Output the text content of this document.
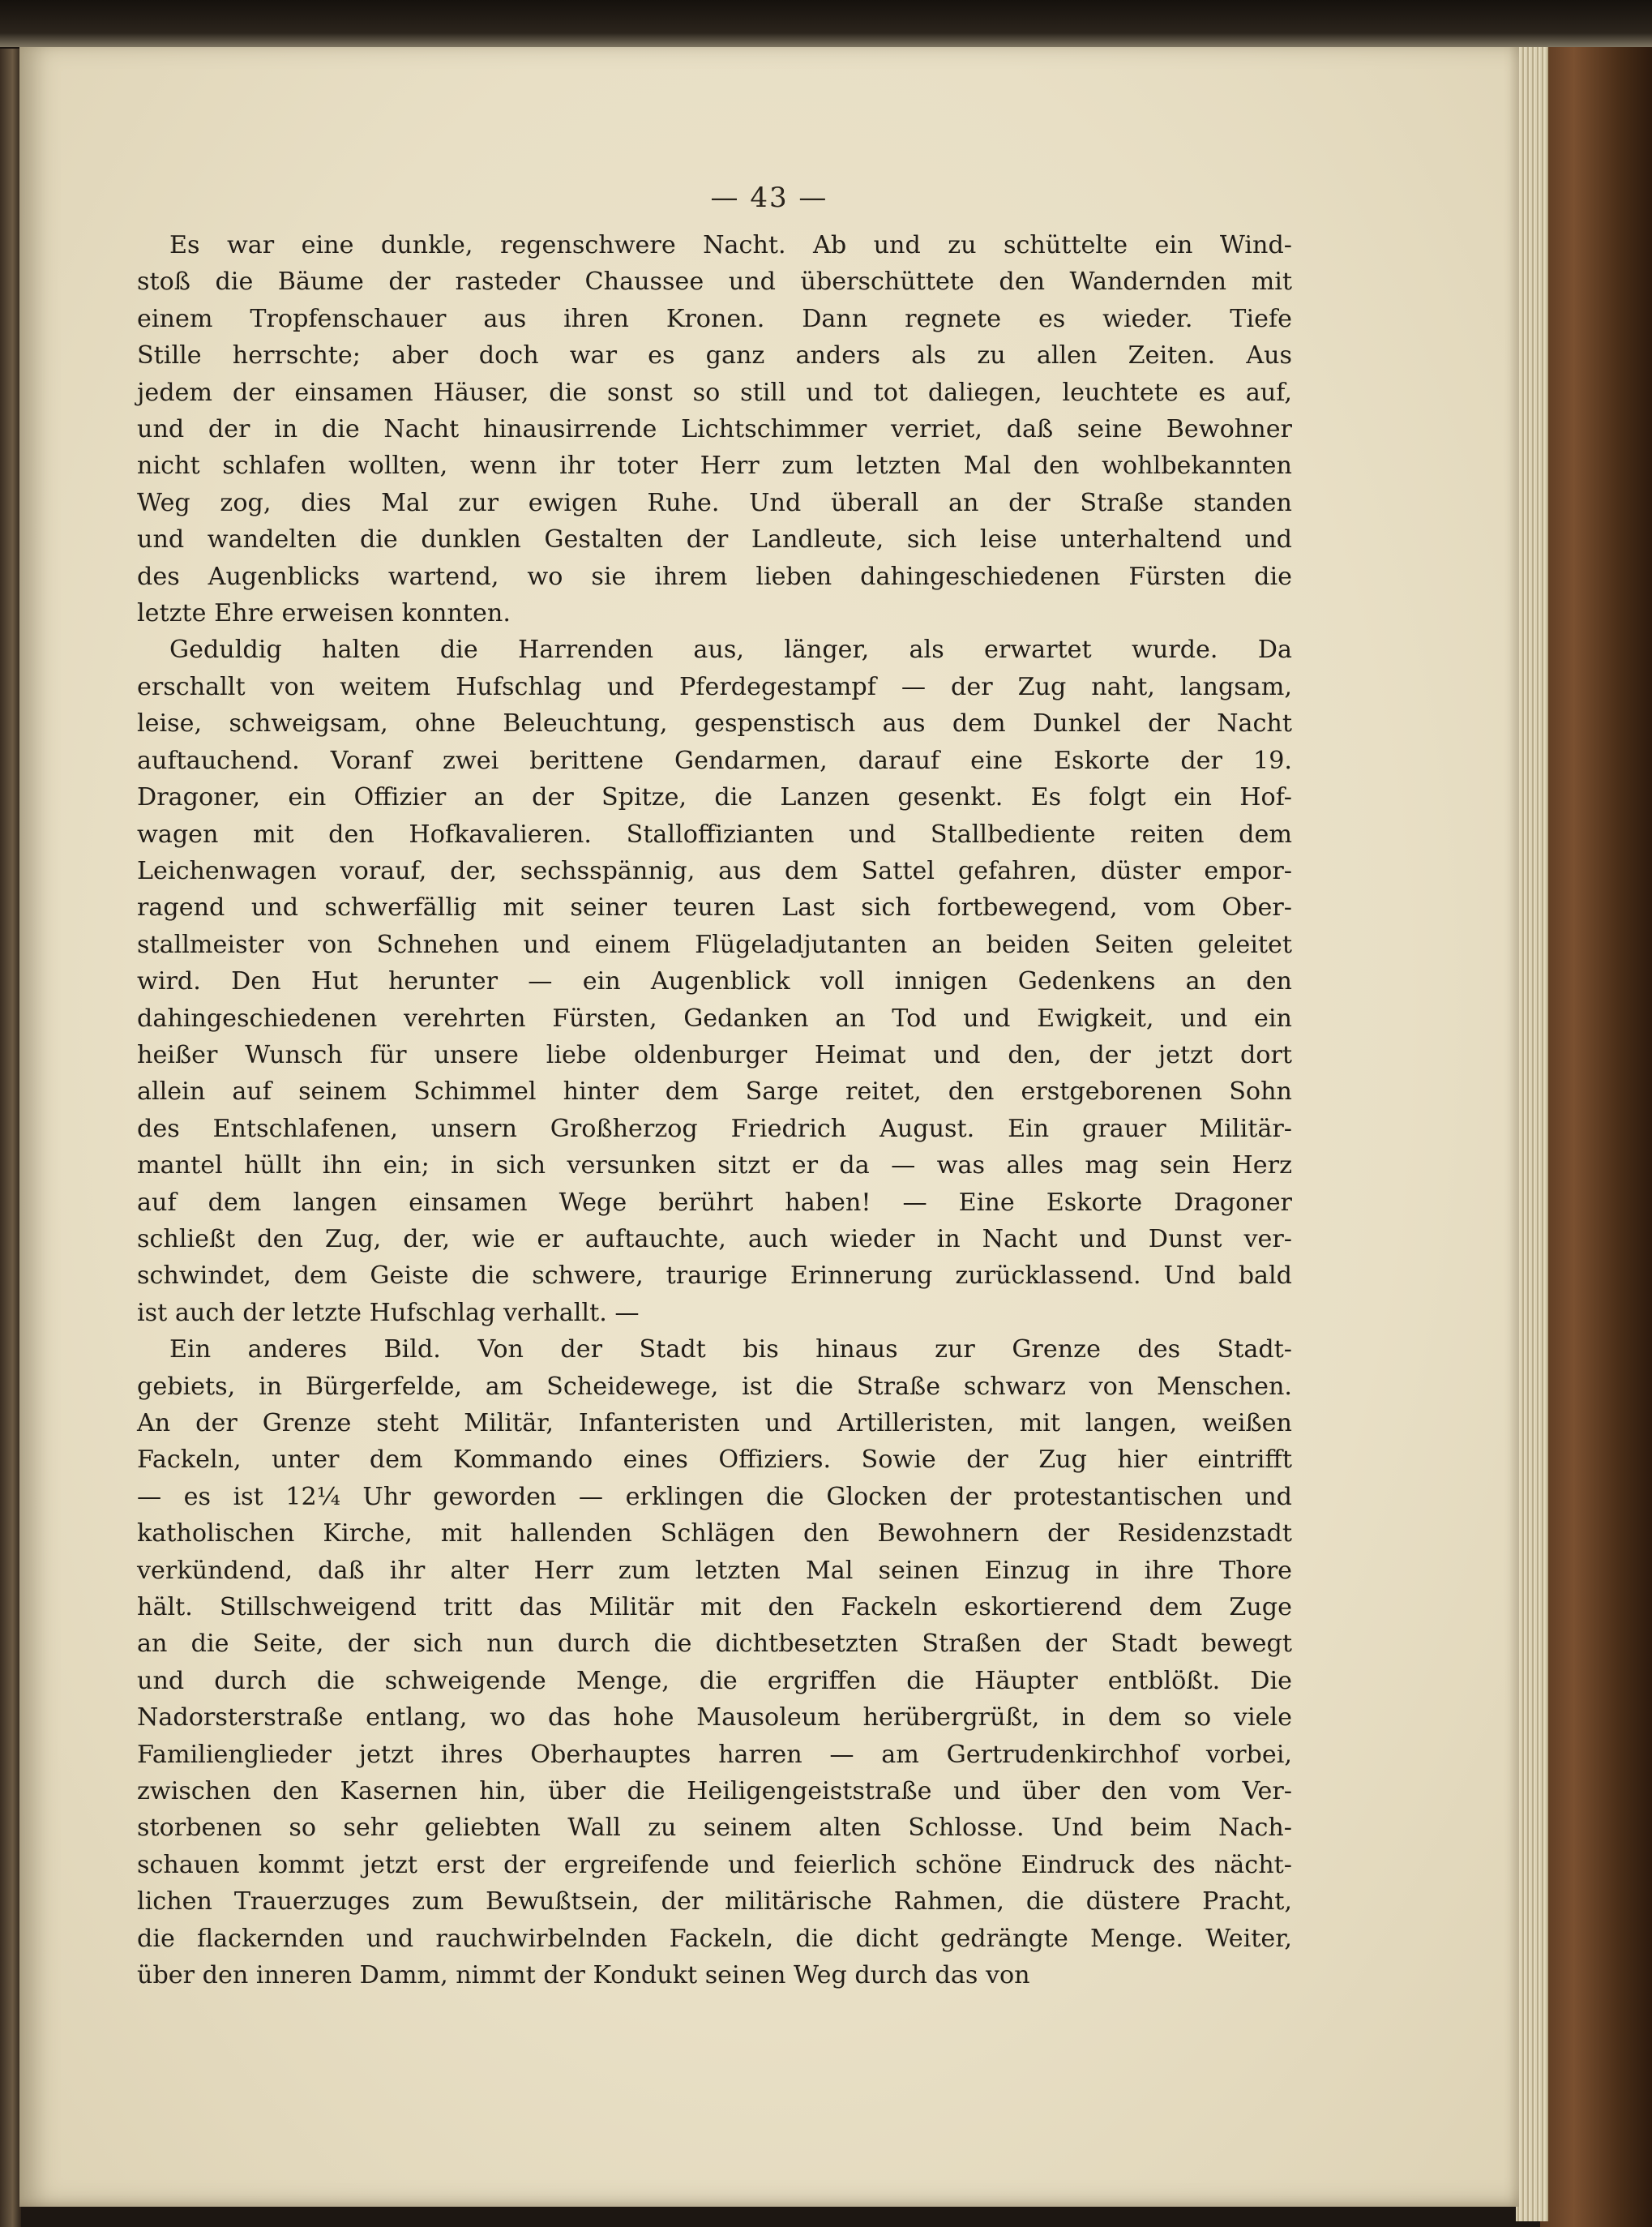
— 43 —

Es war eine dunkle, regenschwere Nacht. Ab und zu schüttelte ein Wind-
stoß die Bäume der rasteder Chaussee und überschüttete den Wandernden mit
einem Tropfenschauer aus ihren Kronen. Dann regnete es wieder. Tiefe
Stille herrschte; aber doch war es ganz anders als zu allen Zeiten. Aus
jedem der einsamen Häuser, die sonst so still und tot daliegen, leuchtete es auf,
und der in die Nacht hinausirrende Lichtschimmer verriet, daß seine Bewohner
nicht schlafen wollten, wenn ihr toter Herr zum letzten Mal den wohlbekannten
Weg zog, dies Mal zur ewigen Ruhe. Und überall an der Straße standen
und wandelten die dunklen Gestalten der Landleute, sich leise unterhaltend und
des Augenblicks wartend, wo sie ihrem lieben dahingeschiedenen Fürsten die
letzte Ehre erweisen konnten.

Geduldig halten die Harrenden aus, länger, als erwartet wurde. Da
erschallt von weitem Hufschlag und Pferdegestampf — der Zug naht, langsam,
leise, schweigsam, ohne Beleuchtung, gespenstisch aus dem Dunkel der Nacht
auftauchend. Voranf zwei berittene Gendarmen, darauf eine Eskorte der 19.
Dragoner, ein Offizier an der Spitze, die Lanzen gesenkt. Es folgt ein Hof-
wagen mit den Hofkavalieren. Stalloffizianten und Stallbediente reiten dem
Leichenwagen vorauf, der, sechsspännig, aus dem Sattel gefahren, düster empor-
ragend und schwerfällig mit seiner teuren Last sich fortbewegend, vom Ober-
stallmeister von Schnehen und einem Flügeladjutanten an beiden Seiten geleitet
wird. Den Hut herunter — ein Augenblick voll innigen Gedenkens an den
dahingeschiedenen verehrten Fürsten, Gedanken an Tod und Ewigkeit, und ein
heißer Wunsch für unsere liebe oldenburger Heimat und den, der jetzt dort
allein auf seinem Schimmel hinter dem Sarge reitet, den erstgeborenen Sohn
des Entschlafenen, unsern Großherzog Friedrich August. Ein grauer Militär-
mantel hüllt ihn ein; in sich versunken sitzt er da — was alles mag sein Herz
auf dem langen einsamen Wege berührt haben! — Eine Eskorte Dragoner
schließt den Zug, der, wie er auftauchte, auch wieder in Nacht und Dunst ver-
schwindet, dem Geiste die schwere, traurige Erinnerung zurücklassend. Und bald
ist auch der letzte Hufschlag verhallt. —

Ein anderes Bild. Von der Stadt bis hinaus zur Grenze des Stadt-
gebiets, in Bürgerfelde, am Scheidewege, ist die Straße schwarz von Menschen.
An der Grenze steht Militär, Infanteristen und Artilleristen, mit langen, weißen
Fackeln, unter dem Kommando eines Offiziers. Sowie der Zug hier eintrifft
— es ist 12¼ Uhr geworden — erklingen die Glocken der protestantischen und
katholischen Kirche, mit hallenden Schlägen den Bewohnern der Residenzstadt
verkündend, daß ihr alter Herr zum letzten Mal seinen Einzug in ihre Thore
hält. Stillschweigend tritt das Militär mit den Fackeln eskortierend dem Zuge
an die Seite, der sich nun durch die dichtbesetzten Straßen der Stadt bewegt
und durch die schweigende Menge, die ergriffen die Häupter entblößt. Die
Nadorsterstraße entlang, wo das hohe Mausoleum herübergrüßt, in dem so viele
Familienglieder jetzt ihres Oberhauptes harren — am Gertrudenkirchhof vorbei,
zwischen den Kasernen hin, über die Heiligengeiststraße und über den vom Ver-
storbenen so sehr geliebten Wall zu seinem alten Schlosse. Und beim Nach-
schauen kommt jetzt erst der ergreifende und feierlich schöne Eindruck des nächt-
lichen Trauerzuges zum Bewußtsein, der militärische Rahmen, die düstere Pracht,
die flackernden und rauchwirbelnden Fackeln, die dicht gedrängte Menge. Weiter,
über den inneren Damm, nimmt der Kondukt seinen Weg durch das von
